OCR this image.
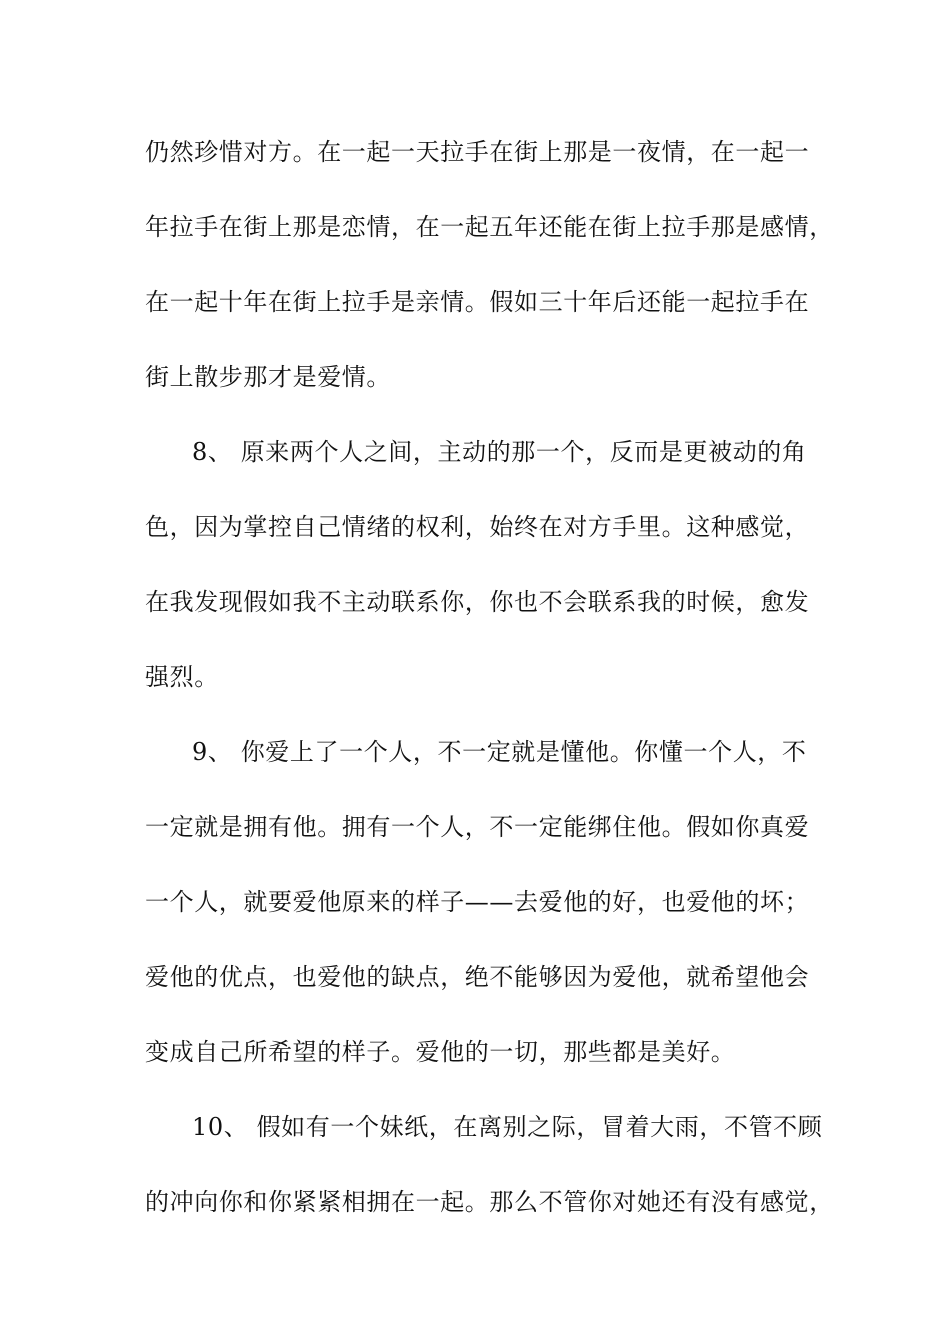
仍然珍惜对方。在一起一天拉手在街上那是一夜情，在一起一

年拉手在街上那是恋情，在一起五年还能在街上拉手那是感情，

在一起十年在街上拉手是亲情。假如三十年后还能一起拉手在

街上散步那才是爱情。

8、 原来两个人之间，主动的那一个，反而是更被动的角

色，因为掌控自己情绪的权利，始终在对方手里。这种感觉，

在我发现假如我不主动联系你，你也不会联系我的时候，愈发

强烈。

9、 你爱上了一个人，不一定就是懂他。你懂一个人，不

一定就是拥有他。拥有一个人，不一定能绑住他。假如你真爱

一个人，就要爱他原来的样子——去爱他的好，也爱他的坏；

爱他的优点，也爱他的缺点，绝不能够因为爱他，就希望他会

变成自己所希望的样子。爱他的一切，那些都是美好。

10、 假如有一个妹纸，在离别之际，冒着大雨，不管不顾

的冲向你和你紧紧相拥在一起。那么不管你对她还有没有感觉，
